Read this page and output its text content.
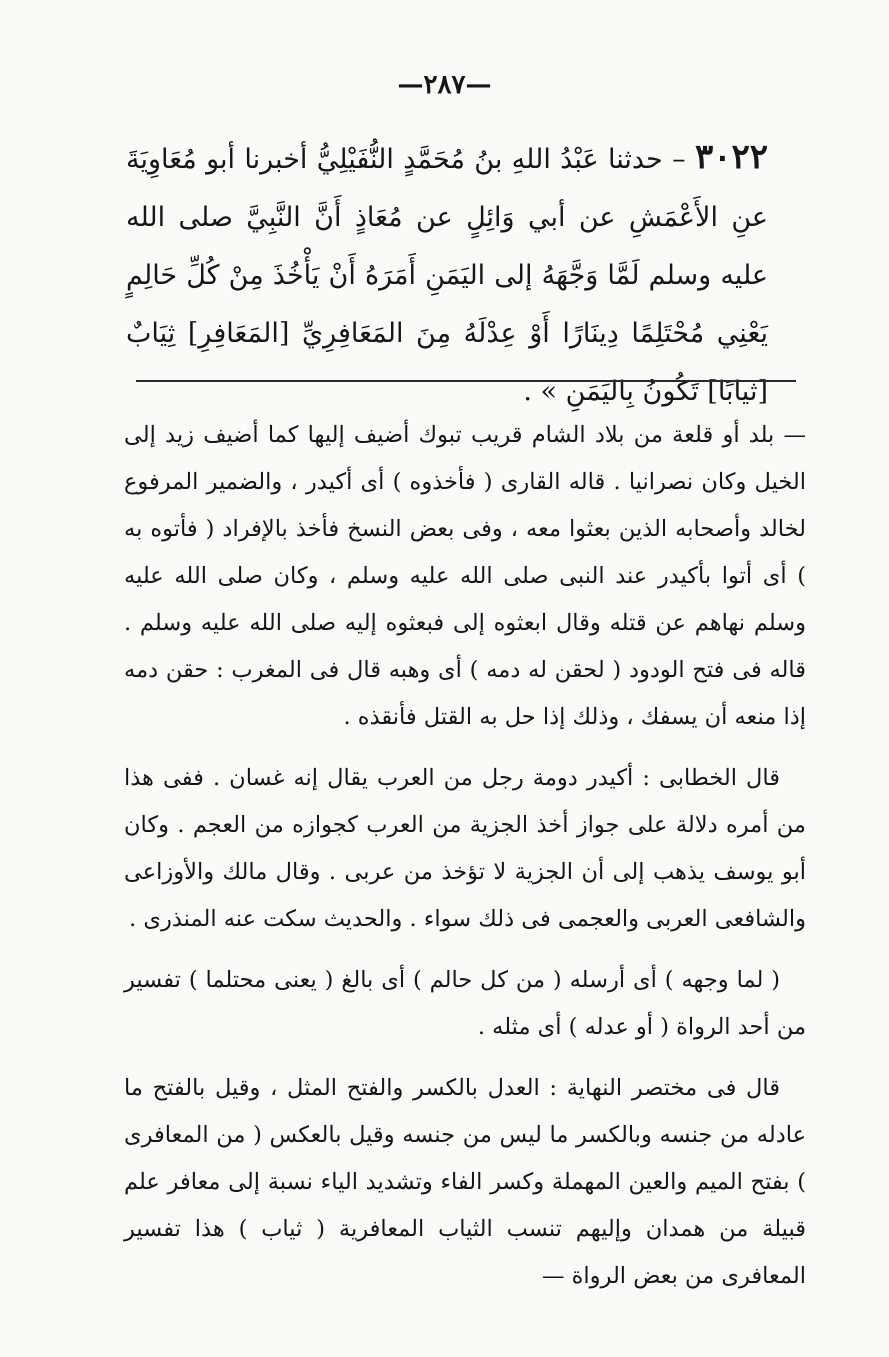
—٢٨٧—
٣٠٢٢ – حدثنا عَبْدُ اللهِ بنُ مُحَمَّدٍ النُّفَيْلِيُّ أخبرنا أبو مُعَاوِيَةَ عنِ الأَعْمَشِ عن أبي وَائِلٍ عن مُعَاذٍ أَنَّ النَّبِيَّ صلى الله عليه وسلم لَمَّا وَجَّهَهُ إلى اليَمَنِ أَمَرَهُ أَنْ يَأْخُذَ مِنْ كُلِّ حَالِمٍ يَعْنِي مُحْتَلِمًا دِينَارًا أَوْ عِدْلَهُ مِنَ المَعَافِرِيِّ [المَعَافِرِ] ثِيَابٌ [ثيابًا] تَكُونُ بِاليَمَنِ » .

— بلد أو قلعة من بلاد الشام قريب تبوك أضيف إليها كما أضيف زيد إلى الخيل وكان نصرانيا . قاله القارى ( فأخذوه ) أى أكيدر ، والضمير المرفوع لخالد وأصحابه الذين بعثوا معه ، وفى بعض النسخ فأخذ بالإفراد ( فأتوه به ) أى أتوا بأكيدر عند النبى صلى الله عليه وسلم ، وكان صلى الله عليه وسلم نهاهم عن قتله وقال ابعثوه إلى فبعثوه إليه صلى الله عليه وسلم . قاله فى فتح الودود ( لحقن له دمه ) أى وهبه قال فى المغرب : حقن دمه إذا منعه أن يسفك ، وذلك إذا حل به القتل فأنقذه .

قال الخطابى : أكيدر دومة رجل من العرب يقال إنه غسان . ففى هذا من أمره دلالة على جواز أخذ الجزية من العرب كجوازه من العجم . وكان أبو يوسف يذهب إلى أن الجزية لا تؤخذ من عربى . وقال مالك والأوزاعى والشافعى العربى والعجمى فى ذلك سواء . والحديث سكت عنه المنذرى .

( لما وجهه ) أى أرسله ( من كل حالم ) أى بالغ ( يعنى محتلما ) تفسير من أحد الرواة ( أو عدله ) أى مثله .

قال فى مختصر النهاية : العدل بالكسر والفتح المثل ، وقيل بالفتح ما عادله من جنسه وبالكسر ما ليس من جنسه وقيل بالعكس ( من المعافرى ) بفتح الميم والعين المهملة وكسر الفاء وتشديد الياء نسبة إلى معافر علم قبيلة من همدان وإليهم تنسب الثياب المعافرية ( ثياب ) هذا تفسير المعافرى من بعض الرواة —
